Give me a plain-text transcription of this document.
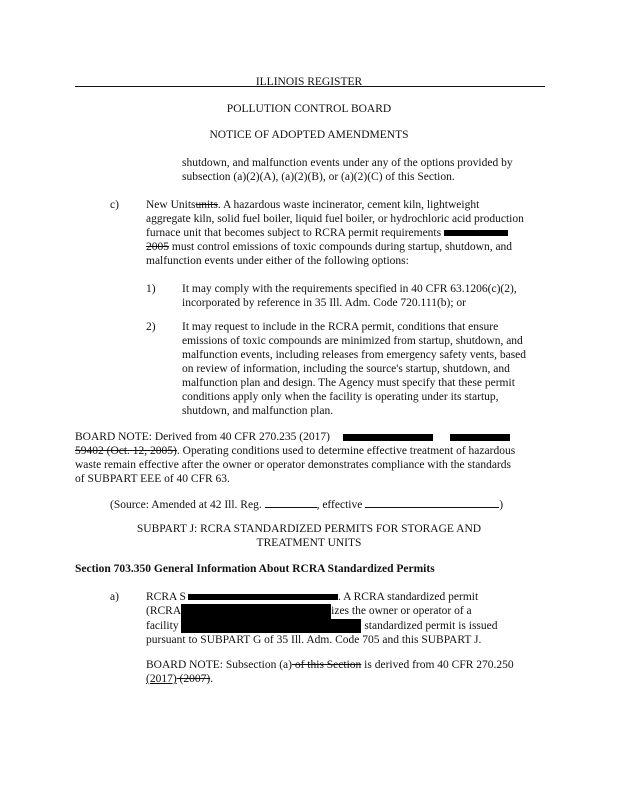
ILLINOIS REGISTER
POLLUTION CONTROL BOARD
NOTICE OF ADOPTED AMENDMENTS

shutdown, and malfunction events under any of the options provided by

subsection (a)(2)(A), (a)(2)(B), or (a)(2)(C) of this Section.

c) New Unitsunits. A hazardous waste incinerator, cement kiln, lightweight

aggregate kiln, solid fuel boiler, liquid fuel boiler, or hydrochloric acid production

furnace unit that becomes subject to RCRA permit requirements

2005 must control emissions of toxic compounds during startup, shutdown, and

malfunction events under either of the following options:

1) It may comply with the requirements specified in 40 CFR 63.1206(c)(2),

incorporated by reference in 35 Ill. Adm. Code 720.111(b); or

2) It may request to include in the RCRA permit, conditions that ensure

emissions of toxic compounds are minimized from startup, shutdown, and

malfunction events, including releases from emergency safety vents, based

on review of information, including the source's startup, shutdown, and

malfunction plan and design. The Agency must specify that these permit

conditions apply only when the facility is operating under its startup,

shutdown, and malfunction plan.

BOARD NOTE: Derived from 40 CFR 270.235 (2017)

59402 (Oct. 12, 2005). Operating conditions used to determine effective treatment of hazardous

waste remain effective after the owner or operator demonstrates compliance with the standards

of SUBPART EEE of 40 CFR 63.

(Source: Amended at 42 Ill. Reg.	, effective	)

SUBPART J: RCRA STANDARDIZED PERMITS FOR STORAGE AND

TREATMENT UNITS

Section 703.350 General Information About RCRA Standardized Permits
a) RCRA S	. A RCRA standardized permit

(RCRA	izes the owner or operator of a

facility	standardized permit is issued

pursuant to SUBPART G of 35 Ill. Adm. Code 705 and this SUBPART J.

BOARD NOTE: Subsection (a) of this Section is derived from 40 CFR 270.250

(2017) (2007).
